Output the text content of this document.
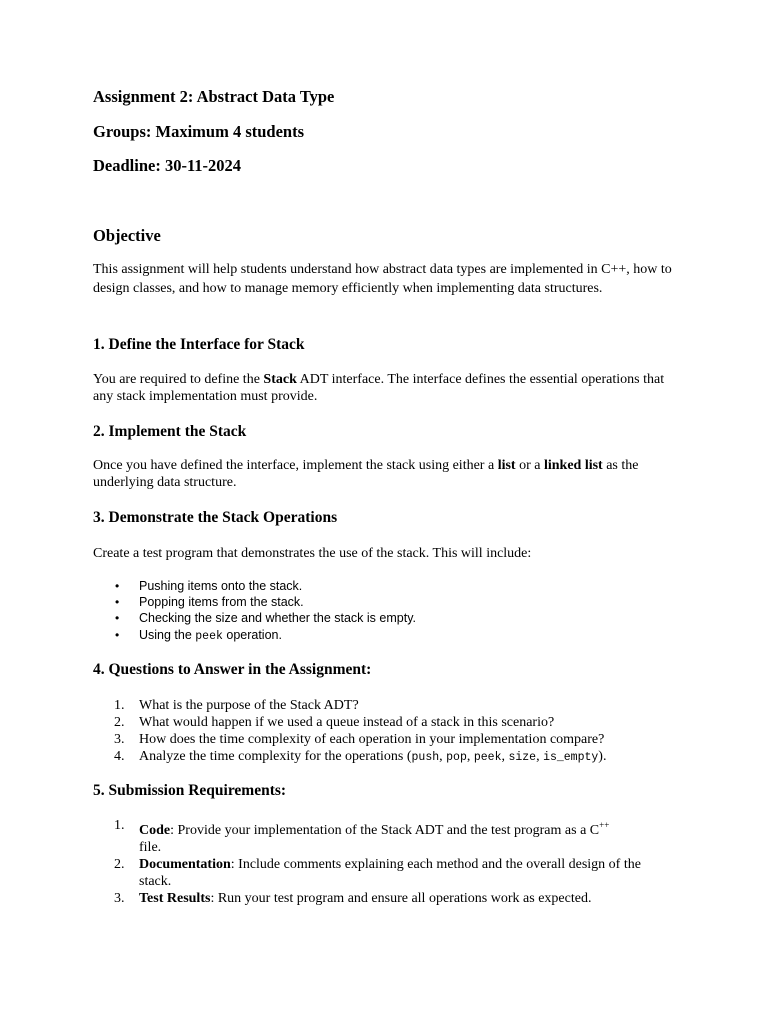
Assignment 2: Abstract Data Type
Groups: Maximum 4 students
Deadline: 30-11-2024
Objective

This assignment will help students understand how abstract data types are implemented in C++, how to design classes, and how to manage memory efficiently when implementing data structures.

1. Define the Interface for Stack

You are required to define the Stack ADT interface. The interface defines the essential operations that any stack implementation must provide.

2. Implement the Stack

Once you have defined the interface, implement the stack using either a list or a linked list as the underlying data structure.

3. Demonstrate the Stack Operations

Create a test program that demonstrates the use of the stack. This will include:

• Pushing items onto the stack.
• Popping items from the stack.
• Checking the size and whether the stack is empty.
• Using the peek operation.
4. Questions to Answer in the Assignment:
1. What is the purpose of the Stack ADT?
2. What would happen if we used a queue instead of a stack in this scenario?
3. How does the time complexity of each operation in your implementation compare?
4. Analyze the time complexity for the operations (push, pop, peek, size, is_empty).
5. Submission Requirements:
1. Code: Provide your implementation of the Stack ADT and the test program as a C++
file.
2. Documentation: Include comments explaining each method and the overall design of the stack.
3. Test Results: Run your test program and ensure all operations work as expected.
